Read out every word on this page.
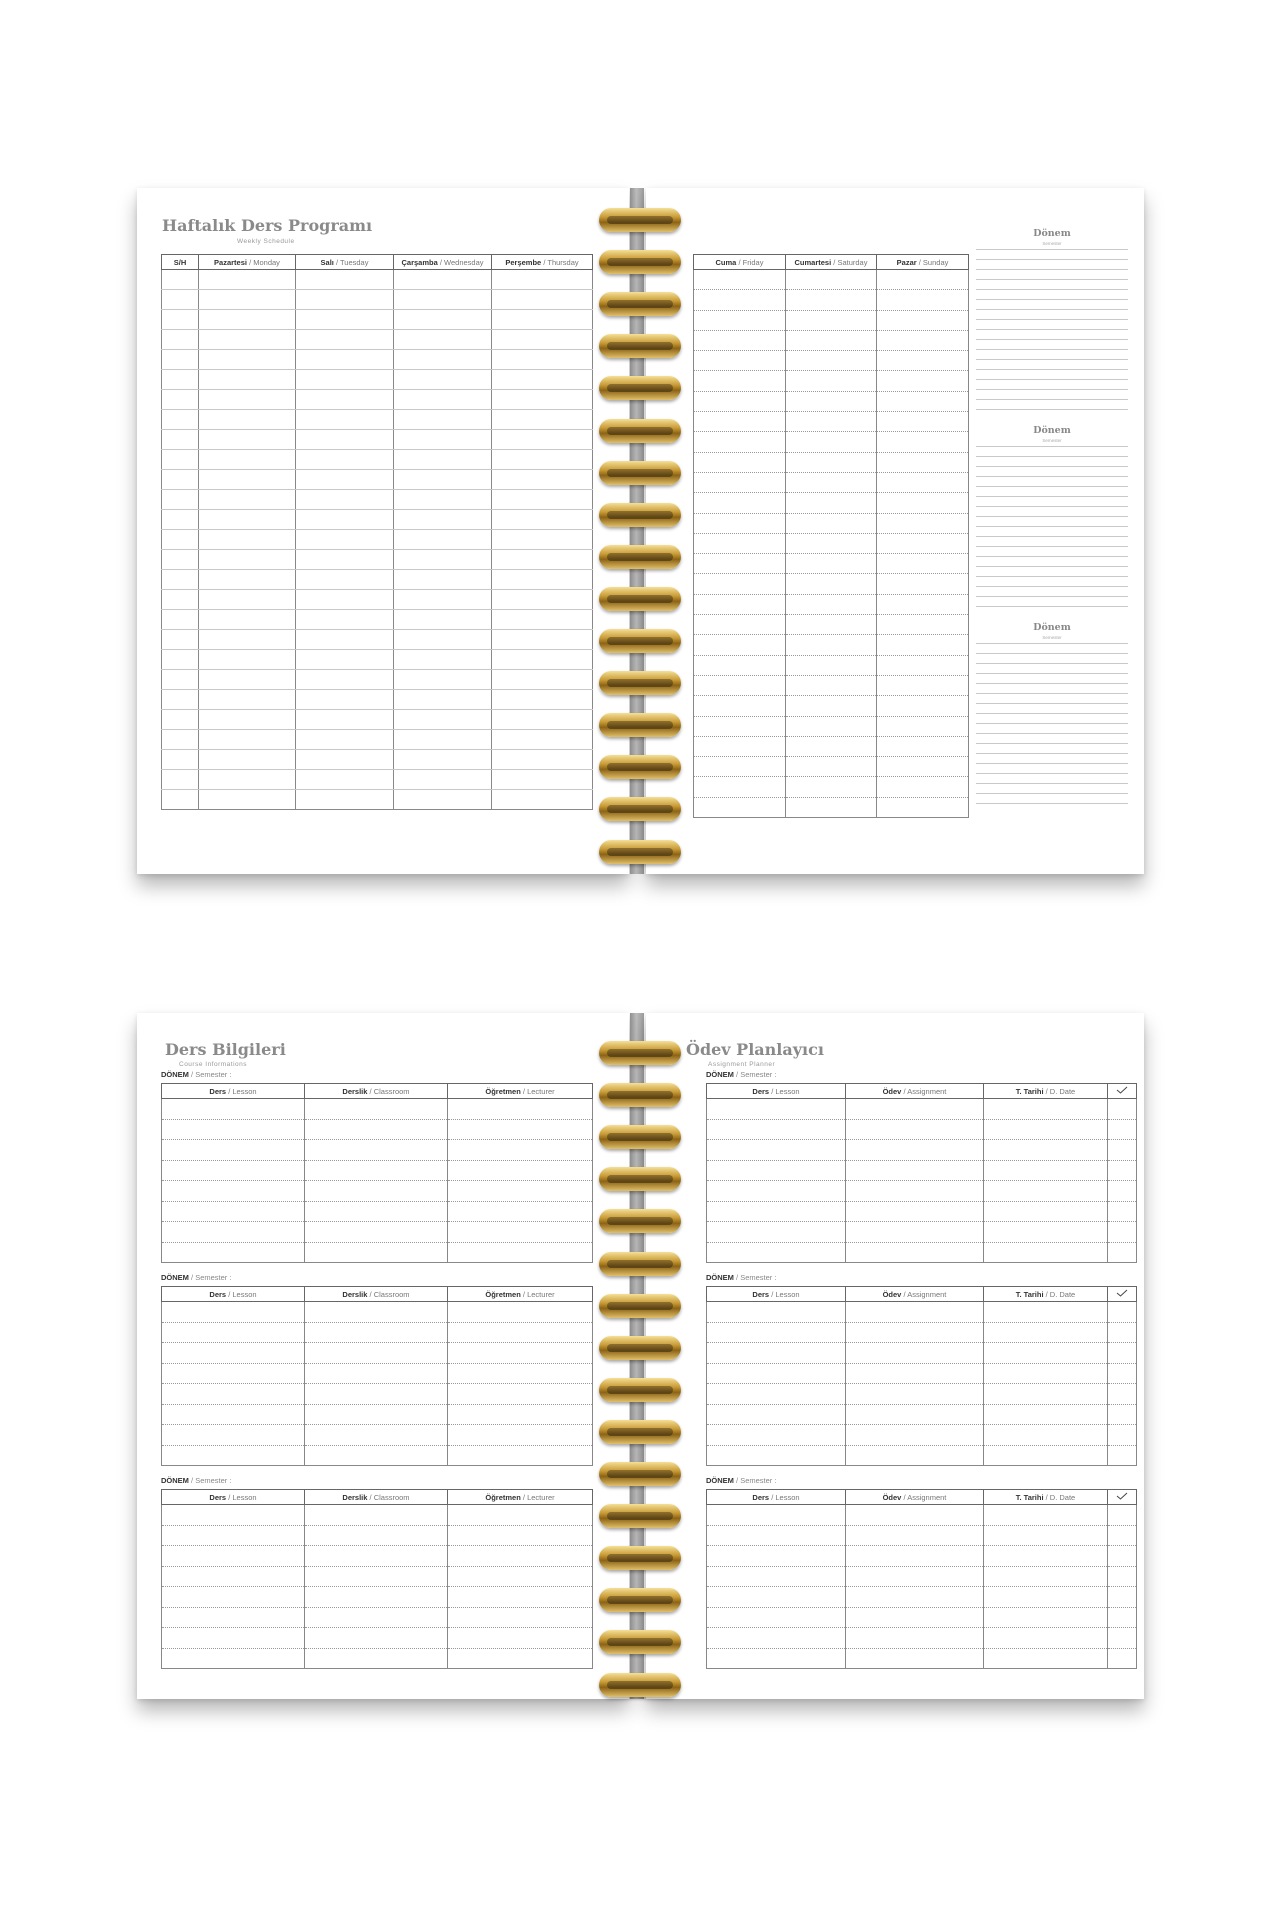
Haftalık Ders Programı
Weekly Schedule
S/H	Pazartesi / Monday	Salı / Tuesday	Çarşamba / Wednesday	Perşembe / Thursday

					Cuma / Friday	Cumartesi / Saturday	Pazar / Sunday

Dönem
Semester
Dönem
Semester
Dönem
Semester
Ders Bilgileri
Course Informations
DÖNEM / Semester :
Ders / Lesson	Derslik / Classroom	Öğretmen / Lecturer

DÖNEM / Semester :
Ders / Lesson	Derslik / Classroom	Öğretmen / Lecturer

DÖNEM / Semester :
Ders / Lesson	Derslik / Classroom	Öğretmen / Lecturer

Ödev Planlayıcı
Assignment Planner
DÖNEM / Semester :
Ders / Lesson	Ödev / Assignment	T. Tarihi / D. Date	

DÖNEM / Semester :
Ders / Lesson	Ödev / Assignment	T. Tarihi / D. Date	

DÖNEM / Semester :
Ders / Lesson	Ödev / Assignment	T. Tarihi / D. Date	
